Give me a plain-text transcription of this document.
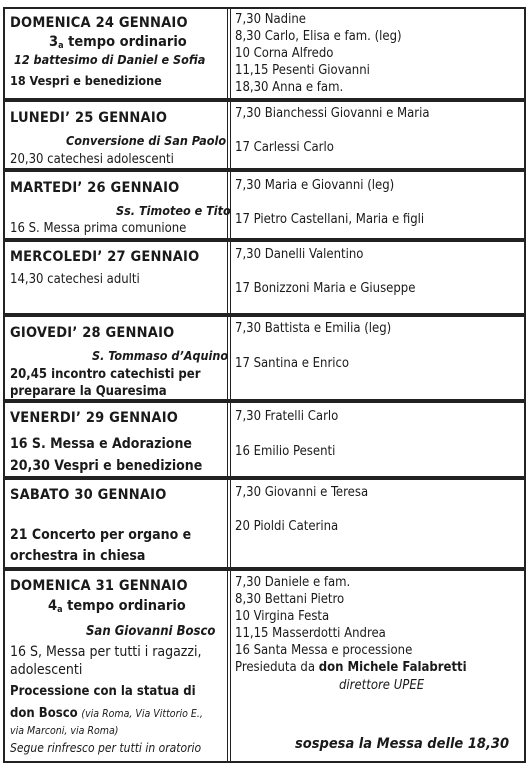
DOMENICA 24 GENNAIO
$3_a$ tempo ordinario
12 battesimo di Daniel e Sofia
18 Vespri e benedizione
7,30 Nadine
8,30 Carlo, Elisa e fam. (leg)
10 Corna Alfredo
11,15 Pesenti Giovanni
18,30 Anna e fam.
LUNEDI’ 25 GENNAIO
Conversione di San Paolo
20,30 catechesi adolescenti
7,30 Bianchessi Giovanni e Maria
17 Carlessi Carlo
MARTEDI’ 26 GENNAIO
Ss. Timoteo e Tito
16 S. Messa prima comunione
7,30 Maria e Giovanni (leg)
17 Pietro Castellani, Maria e figli
MERCOLEDI’ 27 GENNAIO
14,30 catechesi adulti
7,30 Danelli Valentino
17 Bonizzoni Maria e Giuseppe
GIOVEDI’ 28 GENNAIO
S. Tommaso d’Aquino
20,45 incontro catechisti per
preparare la Quaresima
7,30 Battista e Emilia (leg)
17 Santina e Enrico
VENERDI’ 29 GENNAIO
16 S. Messa e Adorazione
20,30 Vespri e benedizione
7,30 Fratelli Carlo
16 Emilio Pesenti
SABATO 30 GENNAIO
21 Concerto per organo e
orchestra in chiesa
7,30 Giovanni e Teresa
20 Pioldi Caterina
DOMENICA 31 GENNAIO
$4_a$ tempo ordinario
San Giovanni Bosco
16 S, Messa per tutti i ragazzi,
adolescenti
Processione con la statua di
don Bosco (via Roma, Via Vittorio E.,
via Marconi, via Roma)
Segue rinfresco per tutti in oratorio
7,30 Daniele e fam.
8,30 Bettani Pietro
10 Virgina Festa
11,15 Masserdotti Andrea
16 Santa Messa e processione
Presieduta da don Michele Falabretti
direttore UPEE
sospesa la Messa delle 18,30
